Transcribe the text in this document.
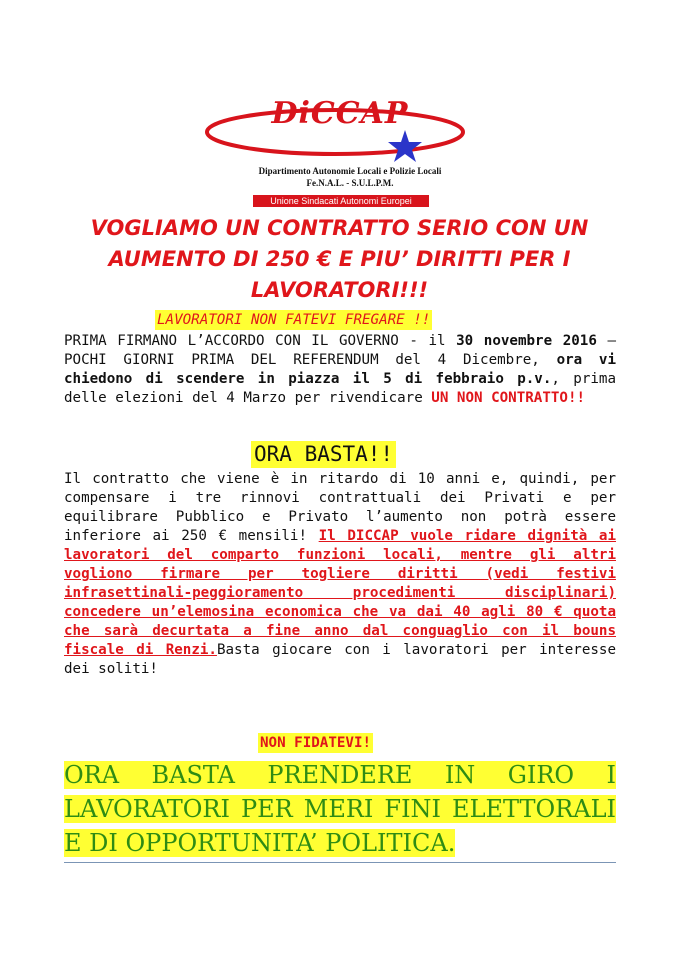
DiCCAP
Dipartimento Autonomie Locali e Polizie Locali
Fe.N.A.L. - S.U.L.P.M.
Unione Sindacati Autonomi Europei
VOGLIAMO UN CONTRATTO SERIO CON UN AUMENTO DI 250 € E PIU’ DIRITTI PER I LAVORATORI!!!
LAVORATORI NON FATEVI FREGARE !!
PRIMA FIRMANO L’ACCORDO CON IL GOVERNO - il 30 novembre 2016 – POCHI GIORNI PRIMA DEL REFERENDUM del 4 Dicembre, ora vi chiedono di scendere in piazza il 5 di febbraio p.v., prima delle elezioni del 4 Marzo per rivendicare UN NON CONTRATTO!!
ORA BASTA!!
Il contratto che viene è in ritardo di 10 anni e, quindi, per compensare i tre rinnovi contrattuali dei Privati e per equilibrare Pubblico e Privato l’aumento non potrà essere inferiore ai 250 € mensili! Il DICCAP vuole ridare dignità ai lavoratori del comparto funzioni locali, mentre gli altri vogliono firmare per togliere diritti (vedi festivi infrasettinali-peggioramento procedimenti disciplinari) concedere un’elemosina economica che va dai 40 agli 80 € quota che sarà decurtata a fine anno dal conguaglio con il bouns fiscale di Renzi.Basta giocare con i lavoratori per interesse dei soliti!
NON FIDATEVI!
ORA BASTA PRENDERE IN GIRO I LAVORATORI PER MERI FINI ELETTORALI E DI OPPORTUNITA’ POLITICA.
